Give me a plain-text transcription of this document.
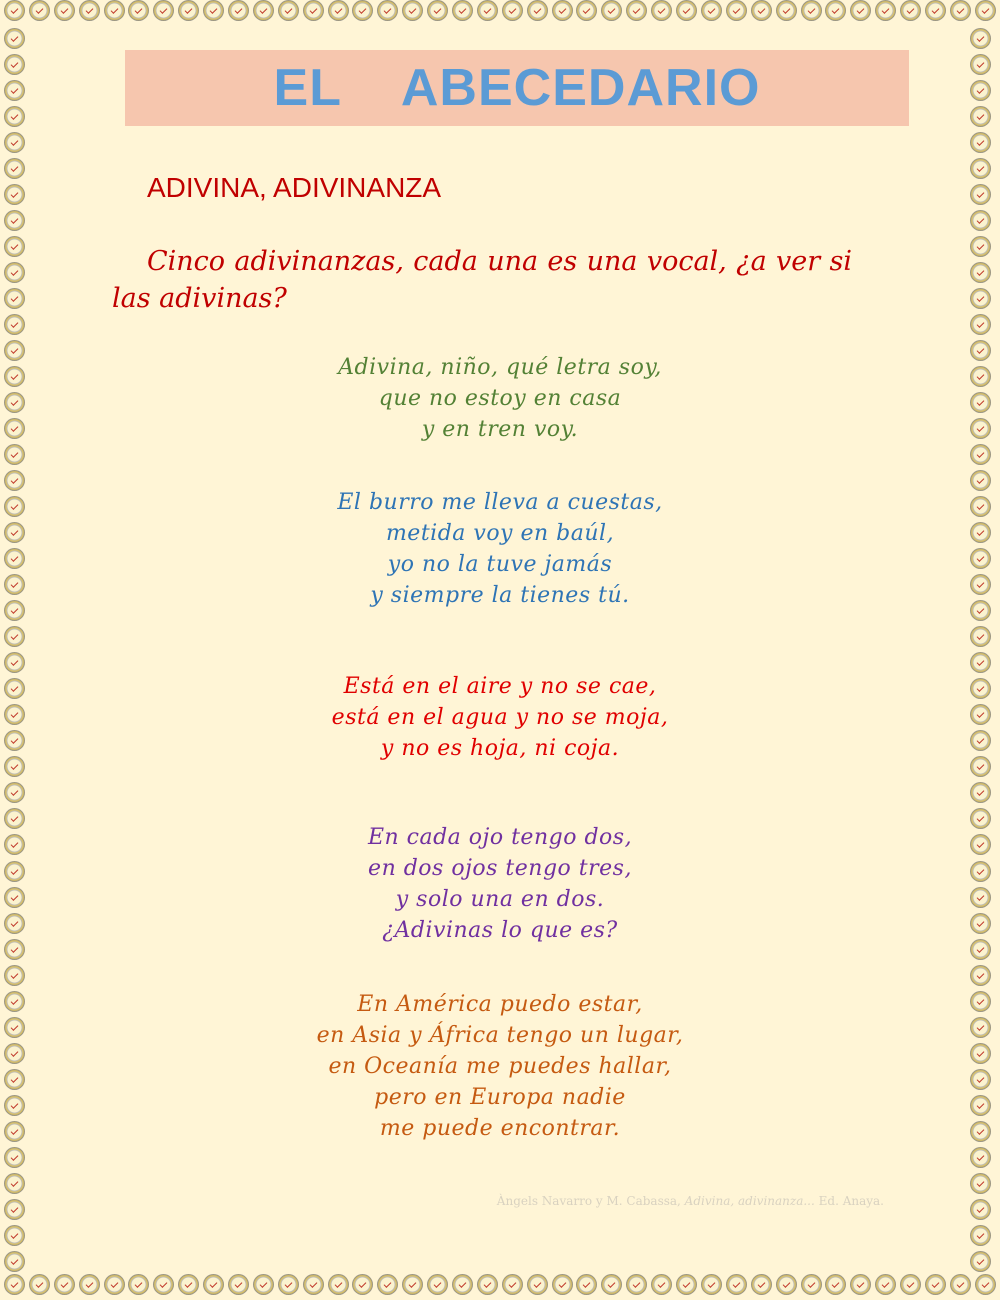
EL    ABECEDARIO
ADIVINA, ADIVINANZA
Cinco adivinanzas, cada una es una vocal, ¿a ver si las adivinas?
Adivina, niño, qué letra soy,
que no estoy en casa
y en tren voy.
El burro me lleva a cuestas,
metida voy en baúl,
yo no la tuve jamás
y siempre la tienes tú.
Está en el aire y no se cae,
está en el agua y no se moja,
y no es hoja, ni coja.
En cada ojo tengo dos,
en dos ojos tengo tres,
y solo una en dos.
¿Adivinas lo que es?
En América puedo estar,
en Asia y África tengo un lugar,
en Oceanía me puedes hallar,
pero en Europa nadie
me puede encontrar.
Àngels Navarro y M. Cabassa, Adivina, adivinanza... Ed. Anaya.
